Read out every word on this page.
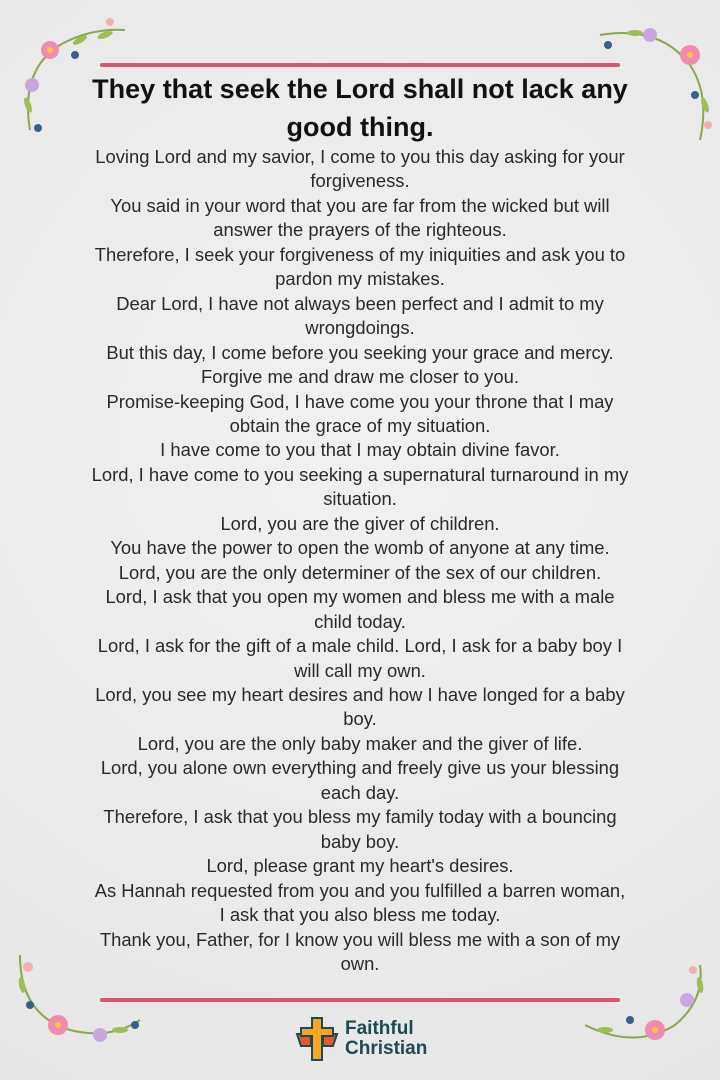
They that seek the Lord shall not lack any
good thing.
Loving Lord and my savior, I come to you this day asking for your
forgiveness.
You said in your word that you are far from the wicked but will
answer the prayers of the righteous.
Therefore, I seek your forgiveness of my iniquities and ask you to
pardon my mistakes.
Dear Lord, I have not always been perfect and I admit to my
wrongdoings.
But this day, I come before you seeking your grace and mercy.
Forgive me and draw me closer to you.
Promise-keeping God, I have come you your throne that I may
obtain the grace of my situation.
I have come to you that I may obtain divine favor.
Lord, I have come to you seeking a supernatural turnaround in my
situation.
Lord, you are the giver of children.
You have the power to open the womb of anyone at any time.
Lord, you are the only determiner of the sex of our children.
Lord, I ask that you open my women and bless me with a male
child today.
Lord, I ask for the gift of a male child. Lord, I ask for a baby boy I
will call my own.
Lord, you see my heart desires and how I have longed for a baby
boy.
Lord, you are the only baby maker and the giver of life.
Lord, you alone own everything and freely give us your blessing
each day.
Therefore, I ask that you bless my family today with a bouncing
baby boy.
Lord, please grant my heart's desires.
As Hannah requested from you and you fulfilled a barren woman,
I ask that you also bless me today.
Thank you, Father, for I know you will bless me with a son of my
own.
Faithful
Christian
